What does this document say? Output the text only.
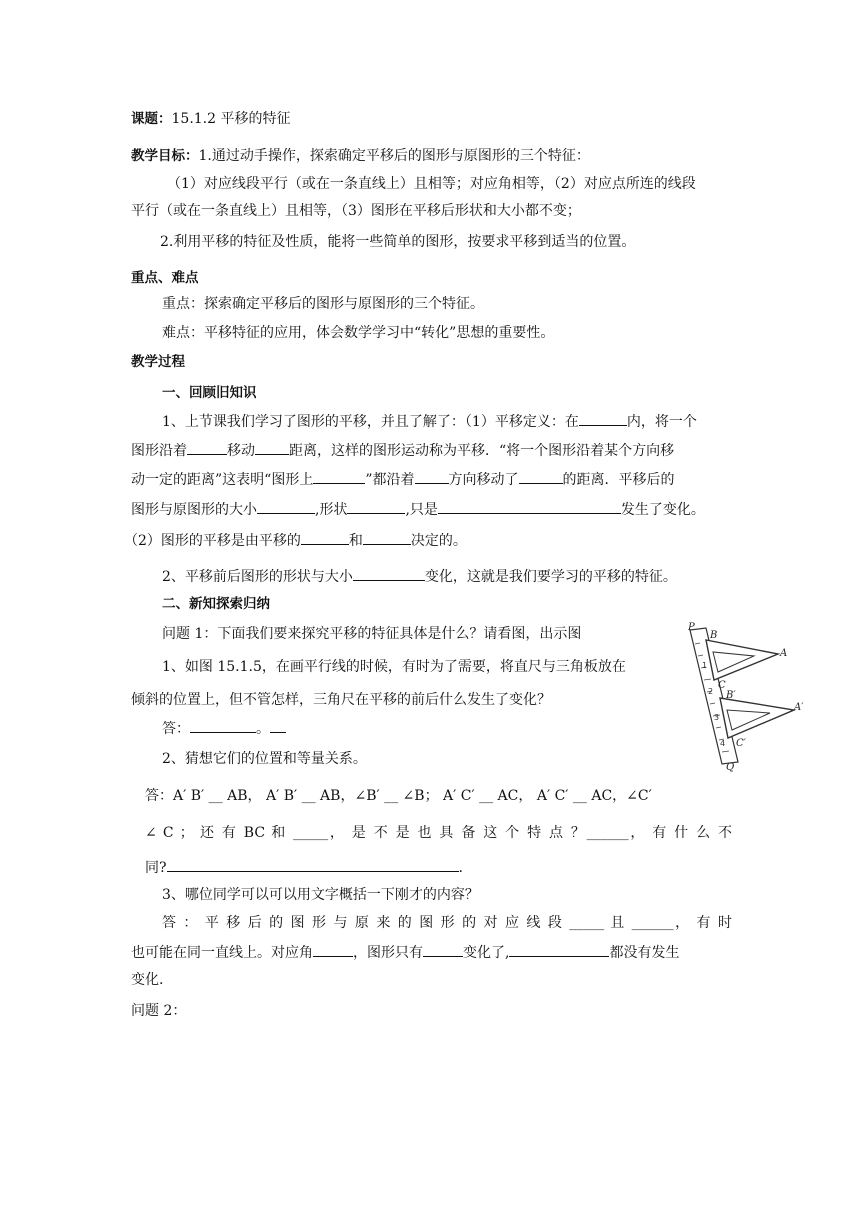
课题：15.1.2 平移的特征
教学目标：1.通过动手操作，探索确定平移后的图形与原图形的三个特征：
（1）对应线段平行（或在一条直线上）且相等；对应角相等，（2）对应点所连的线段
平行（或在一条直线上）且相等，（3）图形在平移后形状和大小都不变；
2.利用平移的特征及性质，能将一些简单的图形，按要求平移到适当的位置。
重点、难点
重点：探索确定平移后的图形与原图形的三个特征。
难点：平移特征的应用，体会数学学习中“转化”思想的重要性。
教学过程
一、回顾旧知识
1、上节课我们学习了图形的平移，并且了解了：（1）平移定义：在	内，将一个
图形沿着	移动 距离，这样的图形运动称为平移．“将一个图形沿着某个方向移
动一定的距离”这表明“图形上	”都沿着 方向移动了	的距离．平移后的
图形与原图形的大小	,形状	,只是	发生了变化。
（2）图形的平移是由平移的	和	决定的。
2、平移前后图形的形状与大小	变化，这就是我们要学习的平移的特征。
二、新知探索归纳
问题 1：下面我们要来探究平移的特征具体是什么？请看图，出示图
1、如图 15.1.5，在画平行线的时候，有时为了需要，将直尺与三角板放在
倾斜的位置上，但不管怎样，三角尺在平移的前后什么发生了变化？
答：	。
2、猜想它们的位置和等量关系。
答：A′ B′ __ AB， A′ B′ __ AB，∠B′ __ ∠B； A′ C′ __ AC， A′ C′ __ AC，∠C′
∠ C ； 还 有 BC 和 _____， 是 不 是 也 具 备 这 个 特 点 ？______， 有 什 么 不
同?	.
3、哪位同学可以可以用文字概括一下刚才的内容？
答 ： 平 移 后 的 图 形 与 原 来 的 图 形 的 对 应 线 段 _____ 且 ______， 有 时
也可能在同一直线上。对应角	，图形只有	变化了,	都没有发生
变化.
问题 2：
1
2
3
4
P
B
A
C
B′
A′
C′
Q
